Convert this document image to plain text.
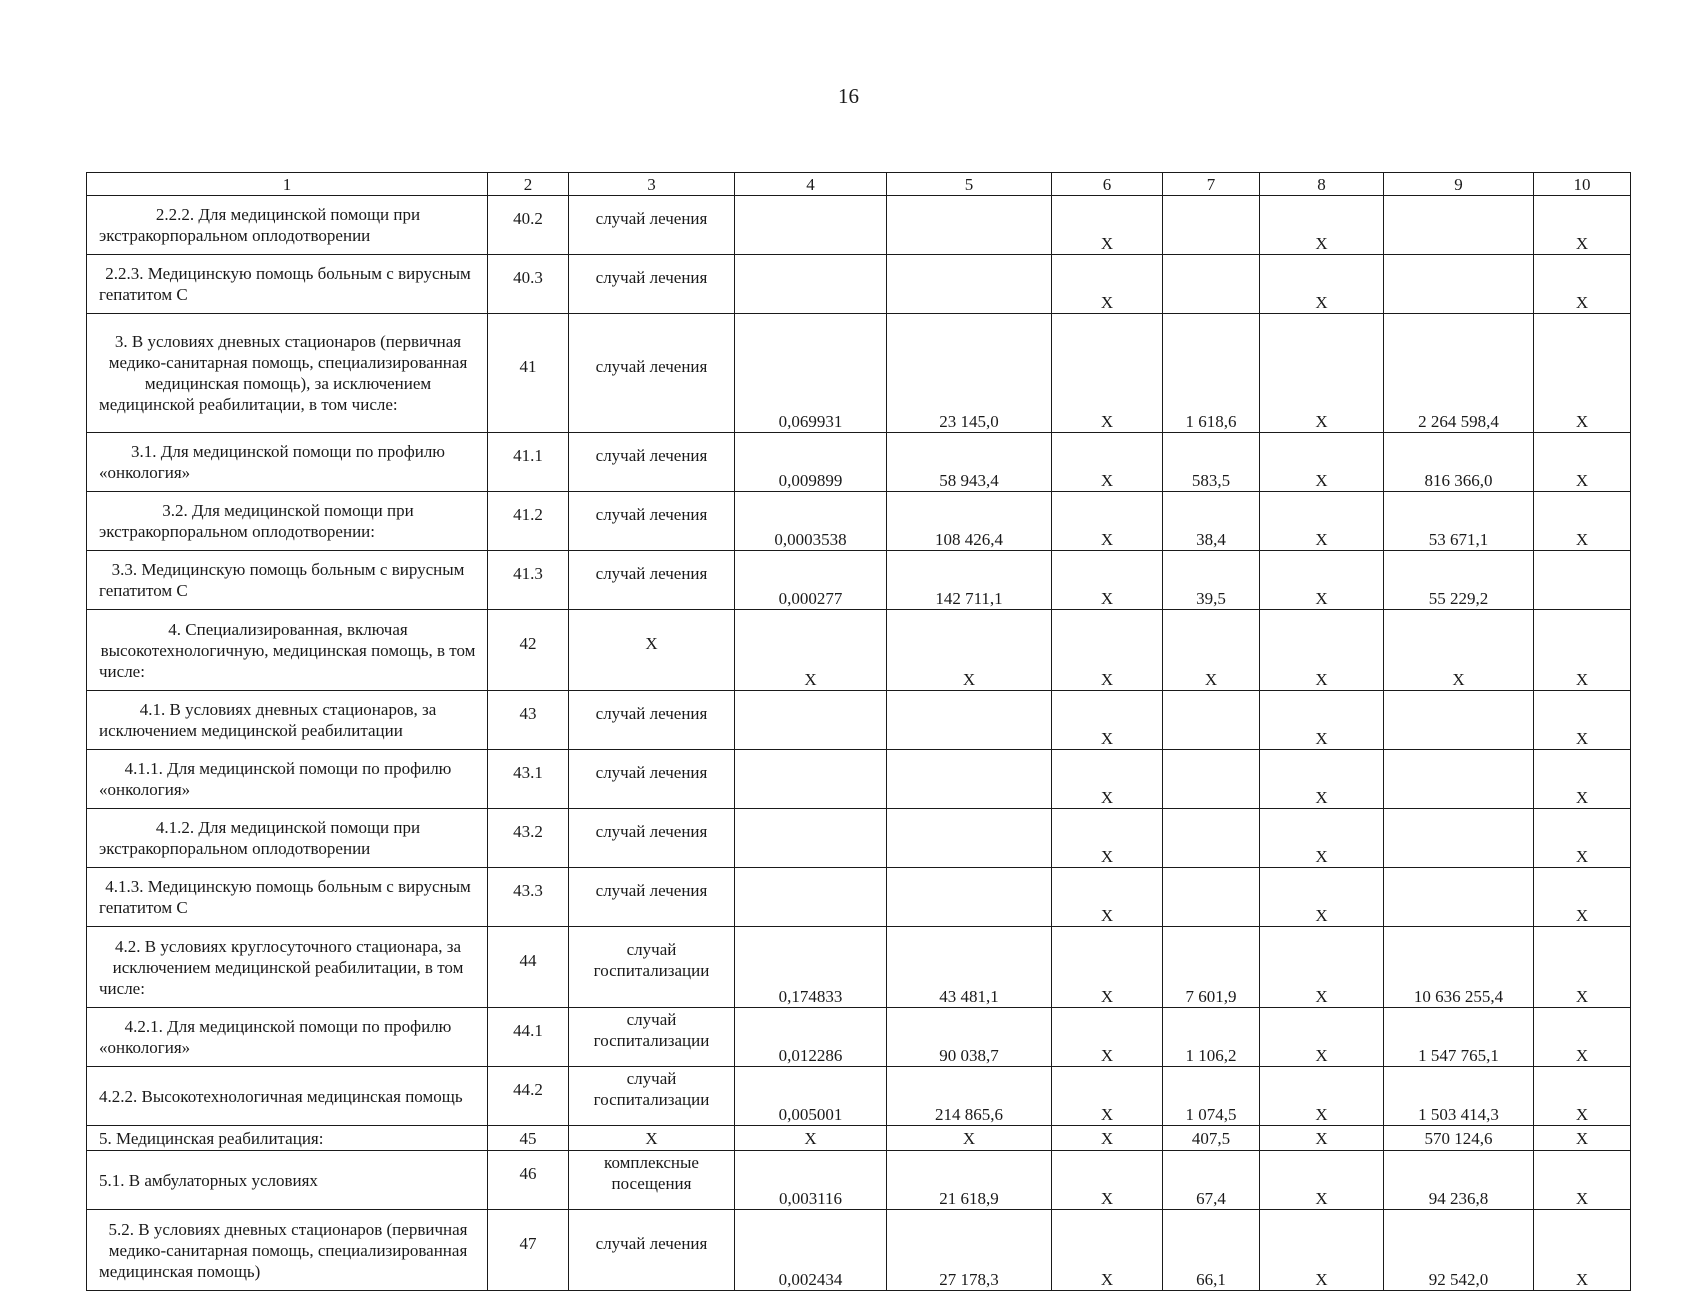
16
1	2	3	4	5	6	7	8	9	10
2.2.2. Для медицинской помощи при экстракорпоральном оплодотворении	40.2	случай лечения			Х		Х		Х
2.2.3. Медицинскую помощь больным с вирусным гепатитом С	40.3	случай лечения			Х		Х		Х
3. В условиях дневных стационаров (первичная медико-санитарная помощь, специализированная медицинская помощь), за исключением медицинской реабилитации, в том числе:	41	случай лечения	0,069931	23 145,0	Х	1 618,6	Х	2 264 598,4	Х
3.1. Для медицинской помощи по профилю «онкология»	41.1	случай лечения	0,009899	58 943,4	Х	583,5	Х	816 366,0	Х
3.2. Для медицинской помощи при экстракорпоральном оплодотворении:	41.2	случай лечения	0,0003538	108 426,4	Х	38,4	Х	53 671,1	Х
3.3. Медицинскую помощь больным с вирусным гепатитом С	41.3	случай лечения	0,000277	142 711,1	Х	39,5	Х	55 229,2	
4. Специализированная, включая высокотехнологичную, медицинская помощь, в том числе:	42	Х	Х	Х	Х	Х	Х	Х	Х
4.1. В условиях дневных стационаров, за исключением медицинской реабилитации	43	случай лечения			Х		Х		Х
4.1.1. Для медицинской помощи по профилю «онкология»	43.1	случай лечения			Х		Х		Х
4.1.2. Для медицинской помощи при экстракорпоральном оплодотворении	43.2	случай лечения			Х		Х		Х
4.1.3. Медицинскую помощь больным с вирусным гепатитом С	43.3	случай лечения			Х		Х		Х
4.2. В условиях круглосуточного стационара, за исключением медицинской реабилитации, в том числе:	44	случай госпитализации	0,174833	43 481,1	Х	7 601,9	Х	10 636 255,4	Х
4.2.1. Для медицинской помощи по профилю «онкология»	44.1	случай госпитализации	0,012286	90 038,7	Х	1 106,2	Х	1 547 765,1	Х
4.2.2. Высокотехнологичная медицинская помощь	44.2	случай госпитализации	0,005001	214 865,6	Х	1 074,5	Х	1 503 414,3	Х
5. Медицинская реабилитация:	45	Х	Х	Х	Х	407,5	Х	570 124,6	Х
5.1. В амбулаторных условиях	46	комплексные посещения	0,003116	21 618,9	Х	67,4	Х	94 236,8	Х
5.2. В условиях дневных стационаров (первичная медико-санитарная помощь, специализированная медицинская помощь)	47	случай лечения	0,002434	27 178,3	Х	66,1	Х	92 542,0	Х
